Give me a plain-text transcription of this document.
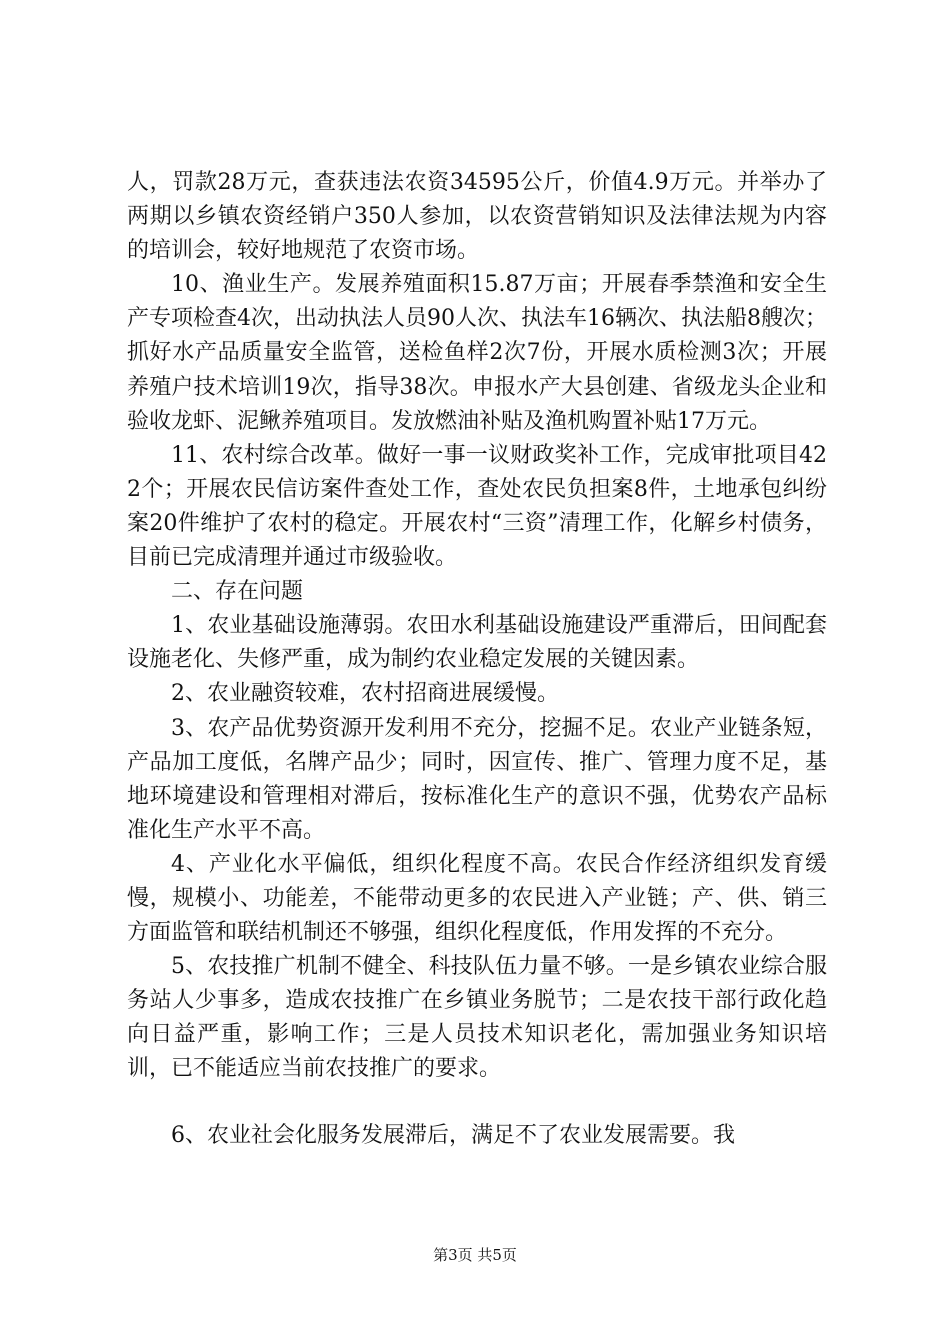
人，罚款28万元，查获违法农资34595公斤，价值4.9万元。并举办了两期以乡镇农资经销户350人参加，以农资营销知识及法律法规为内容的培训会，较好地规范了农资市场。

10、渔业生产。发展养殖面积15.87万亩；开展春季禁渔和安全生产专项检查4次，出动执法人员90人次、执法车16辆次、执法船8艘次；抓好水产品质量安全监管，送检鱼样2次7份，开展水质检测3次；开展养殖户技术培训19次，指导38次。申报水产大县创建、省级龙头企业和验收龙虾、泥鳅养殖项目。发放燃油补贴及渔机购置补贴17万元。

11、农村综合改革。做好一事一议财政奖补工作，完成审批项目422个；开展农民信访案件查处工作，查处农民负担案8件，土地承包纠纷案20件维护了农村的稳定。开展农村“三资”清理工作，化解乡村债务，目前已完成清理并通过市级验收。

二、存在问题

1、农业基础设施薄弱。农田水利基础设施建设严重滞后，田间配套设施老化、失修严重，成为制约农业稳定发展的关键因素。

2、农业融资较难，农村招商进展缓慢。

3、农产品优势资源开发利用不充分，挖掘不足。农业产业链条短，产品加工度低，名牌产品少；同时，因宣传、推广、管理力度不足，基地环境建设和管理相对滞后，按标准化生产的意识不强，优势农产品标准化生产水平不高。

4、产业化水平偏低，组织化程度不高。农民合作经济组织发育缓慢，规模小、功能差，不能带动更多的农民进入产业链；产、供、销三方面监管和联结机制还不够强，组织化程度低，作用发挥的不充分。

5、农技推广机制不健全、科技队伍力量不够。一是乡镇农业综合服务站人少事多，造成农技推广在乡镇业务脱节；二是农技干部行政化趋向日益严重，影响工作；三是人员技术知识老化，需加强业务知识培训，已不能适应当前农技推广的要求。

6、农业社会化服务发展滞后，满足不了农业发展需要。我

第3页 共5页
